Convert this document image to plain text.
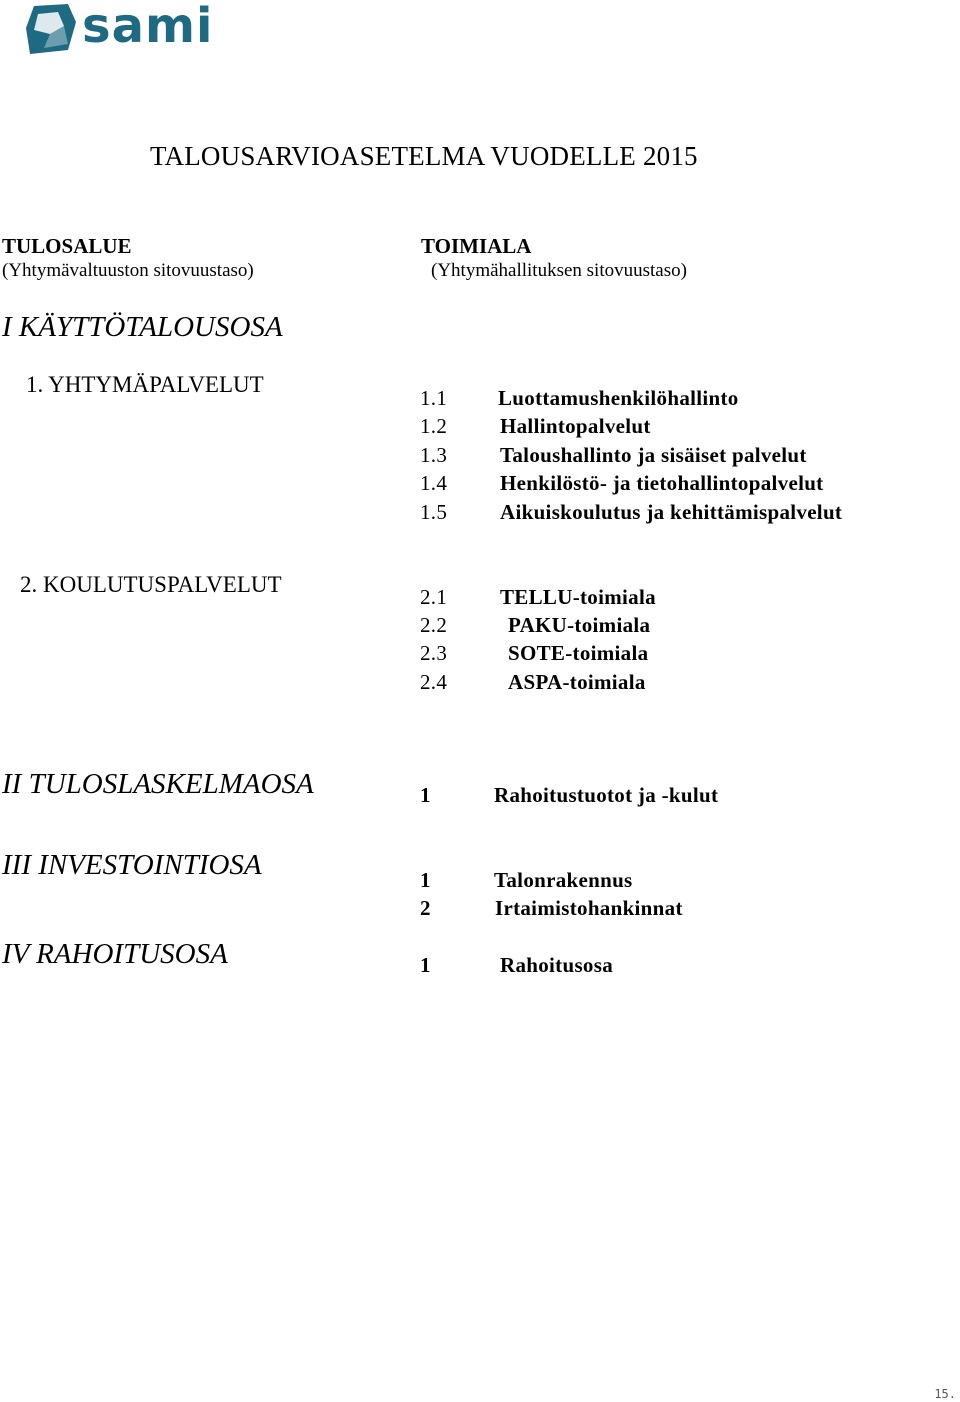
sami
TALOUSARVIOASETELMA VUODELLE 2015
TULOSALUE
(Yhtymävaltuuston sitovuustaso)
TOIMIALA
(Yhtymähallituksen sitovuustaso)
I KÄYTTÖTALOUSOSA
1. YHTYMÄPALVELUT
1.1 Luottamushenkilöhallinto
1.2	Hallintopalvelut
1.3	Taloushallinto ja sisäiset palvelut
1.4	Henkilöstö- ja tietohallintopalvelut
1.5	Aikuiskoulutus ja kehittämispalvelut
2. KOULUTUSPALVELUT	2.1	TELLU-toimiala
2.2	PAKU-toimiala
2.3	SOTE-toimiala
2.4	ASPA-toimiala
II TULOSLASKELMAOSA	1	Rahoitustuotot ja -kulut
III INVESTOINTIOSA	1	Talonrakennus
2	Irtaimistohankinnat
IV RAHOITUSOSA	1	Rahoitusosa
15.
